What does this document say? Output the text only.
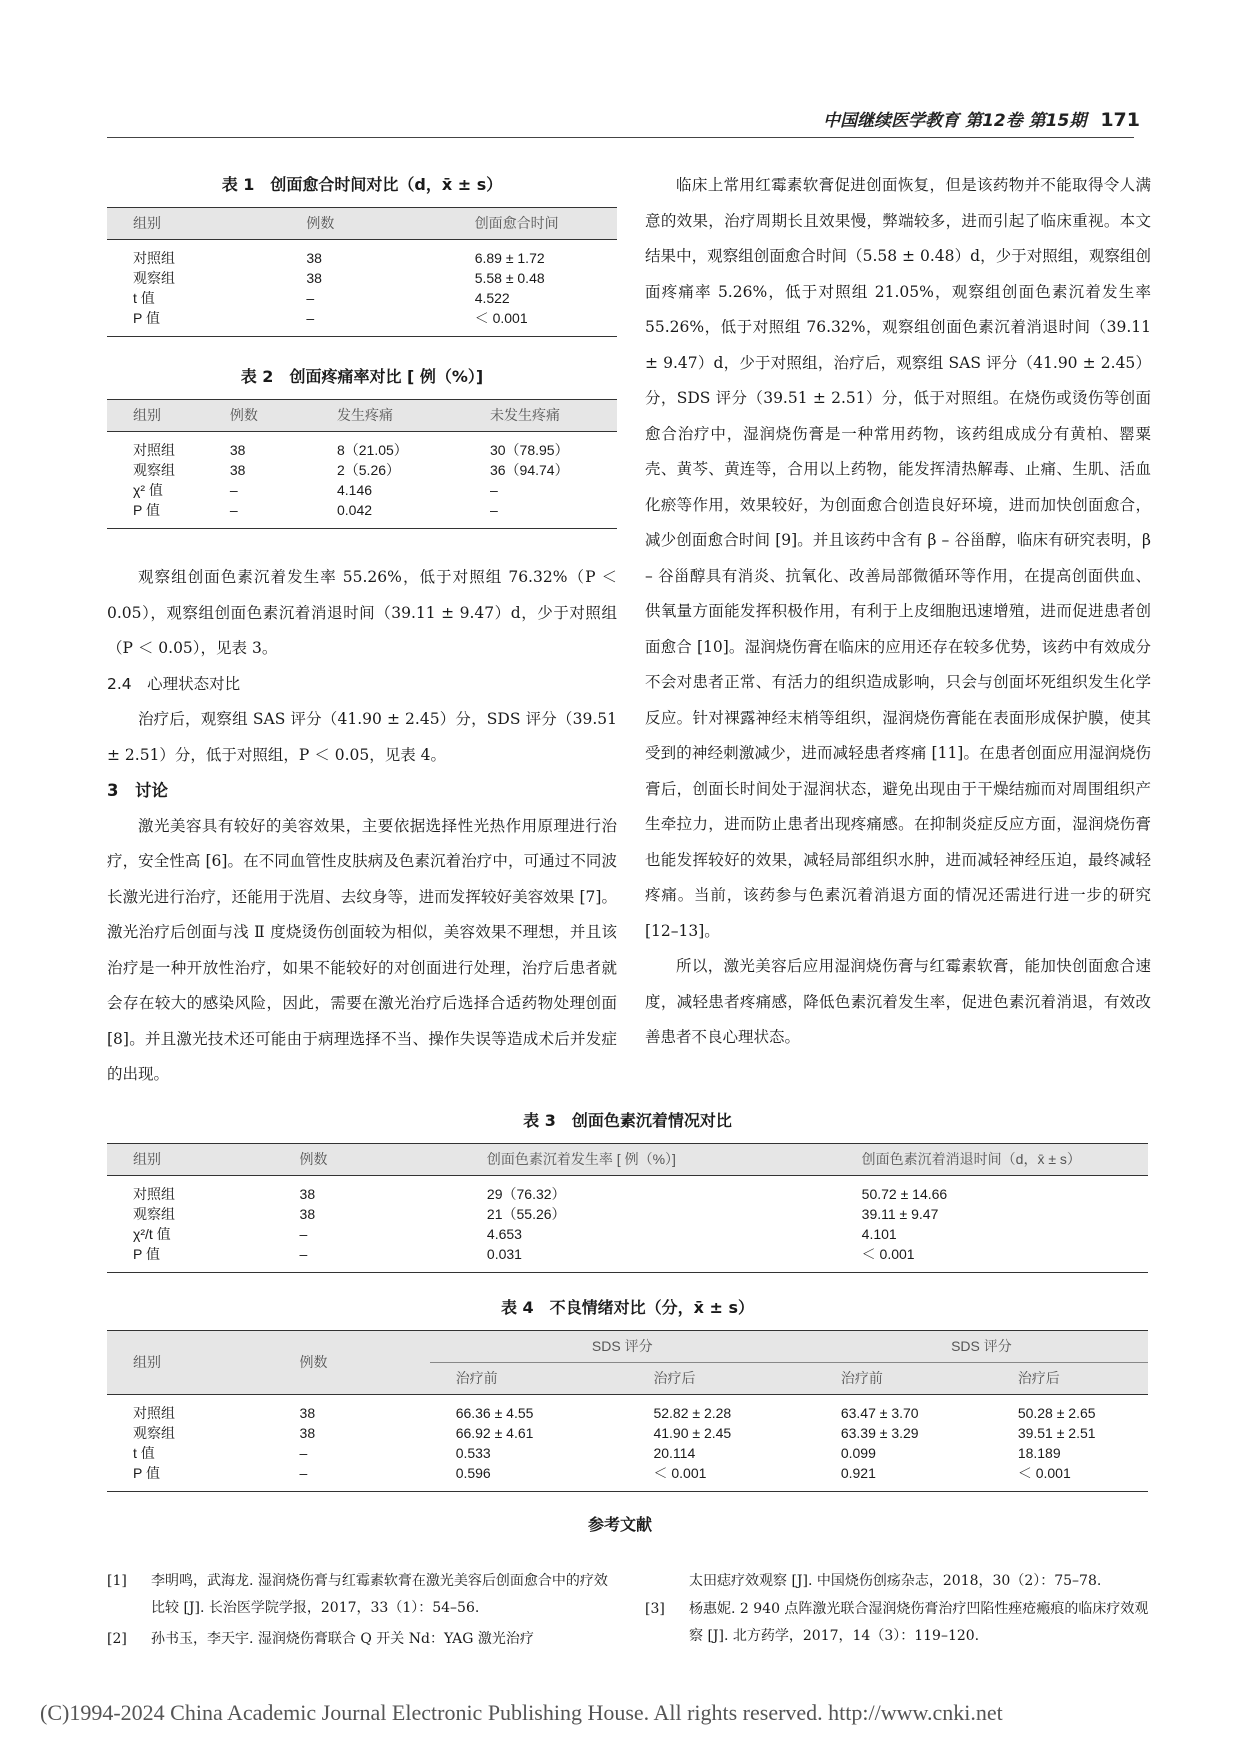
中国继续医学教育 第12卷 第15期 171
表 1　创面愈合时间对比（d，x̄ ± s）
组别	例数	创面愈合时间
对照组	38	6.89 ± 1.72
观察组	38	5.58 ± 0.48
t 值	–	4.522
P 值	–	＜ 0.001
表 2　创面疼痛率对比 [ 例（%）]
组别	例数	发生疼痛	未发生疼痛
对照组	38	8（21.05）	30（78.95）
观察组	38	2（5.26）	36（94.74）
χ² 值	–	4.146	–
P 值	–	0.042	–

观察组创面色素沉着发生率 55.26%，低于对照组 76.32%（P ＜ 0.05），观察组创面色素沉着消退时间（39.11 ± 9.47）d，少于对照组（P ＜ 0.05），见表 3。

2.4　心理状态对比

治疗后，观察组 SAS 评分（41.90 ± 2.45）分，SDS 评分（39.51 ± 2.51）分，低于对照组，P ＜ 0.05，见表 4。

3　讨论

激光美容具有较好的美容效果，主要依据选择性光热作用原理进行治疗，安全性高 [6]。在不同血管性皮肤病及色素沉着治疗中，可通过不同波长激光进行治疗，还能用于洗眉、去纹身等，进而发挥较好美容效果 [7]。激光治疗后创面与浅 Ⅱ 度烧烫伤创面较为相似，美容效果不理想，并且该治疗是一种开放性治疗，如果不能较好的对创面进行处理，治疗后患者就会存在较大的感染风险，因此，需要在激光治疗后选择合适药物处理创面 [8]。并且激光技术还可能由于病理选择不当、操作失误等造成术后并发症的出现。

临床上常用红霉素软膏促进创面恢复，但是该药物并不能取得令人满意的效果，治疗周期长且效果慢，弊端较多，进而引起了临床重视。本文结果中，观察组创面愈合时间（5.58 ± 0.48）d，少于对照组，观察组创面疼痛率 5.26%，低于对照组 21.05%，观察组创面色素沉着发生率 55.26%，低于对照组 76.32%，观察组创面色素沉着消退时间（39.11 ± 9.47）d，少于对照组，治疗后，观察组 SAS 评分（41.90 ± 2.45）分，SDS 评分（39.51 ± 2.51）分，低于对照组。在烧伤或烫伤等创面愈合治疗中，湿润烧伤膏是一种常用药物，该药组成成分有黄柏、罂粟壳、黄芩、黄连等，合用以上药物，能发挥清热解毒、止痛、生肌、活血化瘀等作用，效果较好，为创面愈合创造良好环境，进而加快创面愈合，减少创面愈合时间 [9]。并且该药中含有 β – 谷甾醇，临床有研究表明，β – 谷甾醇具有消炎、抗氧化、改善局部微循环等作用，在提高创面供血、供氧量方面能发挥积极作用，有利于上皮细胞迅速增殖，进而促进患者创面愈合 [10]。湿润烧伤膏在临床的应用还存在较多优势，该药中有效成分不会对患者正常、有活力的组织造成影响，只会与创面坏死组织发生化学反应。针对裸露神经末梢等组织，湿润烧伤膏能在表面形成保护膜，使其受到的神经刺激减少，进而减轻患者疼痛 [11]。在患者创面应用湿润烧伤膏后，创面长时间处于湿润状态，避免出现由于干燥结痂而对周围组织产生牵拉力，进而防止患者出现疼痛感。在抑制炎症反应方面，湿润烧伤膏也能发挥较好的效果，减轻局部组织水肿，进而减轻神经压迫，最终减轻疼痛。当前，该药参与色素沉着消退方面的情况还需进行进一步的研究 [12–13]。

所以，激光美容后应用湿润烧伤膏与红霉素软膏，能加快创面愈合速度，减轻患者疼痛感，降低色素沉着发生率，促进色素沉着消退，有效改善患者不良心理状态。

表 3　创面色素沉着情况对比
组别	例数	创面色素沉着发生率 [ 例（%）]	创面色素沉着消退时间（d，x̄ ± s）
对照组	38	29（76.32）	50.72 ± 14.66
观察组	38	21（55.26）	39.11 ± 9.47
χ²/t 值	–	4.653	4.101
P 值	–	0.031	＜ 0.001
表 4　不良情绪对比（分，x̄ ± s）
组别	例数	SDS 评分		SDS 评分	
		治疗前	治疗后	治疗前	治疗后
对照组	38	66.36 ± 4.55	52.82 ± 2.28	63.47 ± 3.70	50.28 ± 2.65
观察组	38	66.92 ± 4.61	41.90 ± 2.45	63.39 ± 3.29	39.51 ± 2.51
t 值	–	0.533	20.114	0.099	18.189
P 值	–	0.596	＜ 0.001	0.921	＜ 0.001
参考文献
[1] 李明鸣，武海龙. 湿润烧伤膏与红霉素软膏在激光美容后创面愈合中的疗效比较 [J]. 长治医学院学报，2017，33（1）：54–56.
[2] 孙书玉，李天宇. 湿润烧伤膏联合 Q 开关 Nd：YAG 激光治疗
太田痣疗效观察 [J]. 中国烧伤创疡杂志，2018，30（2）：75–78.
[3] 杨惠妮. 2 940 点阵激光联合湿润烧伤膏治疗凹陷性痤疮瘢痕的临床疗效观察 [J]. 北方药学，2017，14（3）：119–120.
(C)1994-2024 China Academic Journal Electronic Publishing House. All rights reserved. http://www.cnki.net
